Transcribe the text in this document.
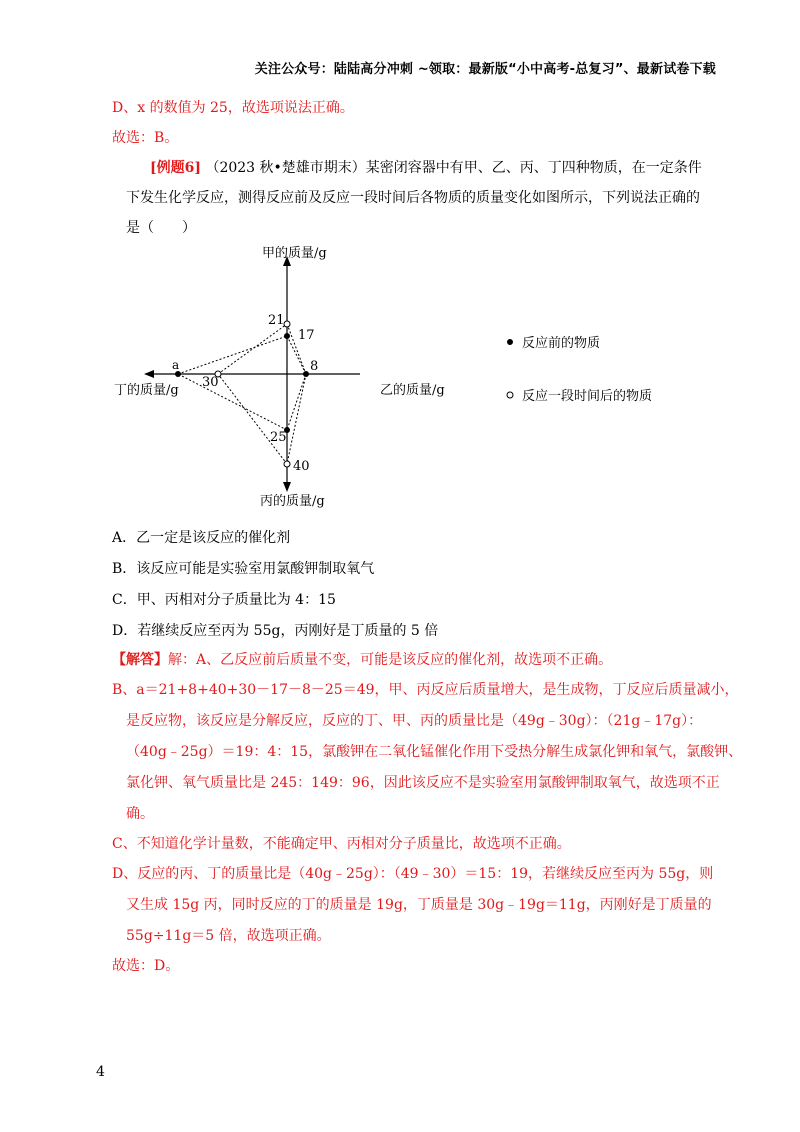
关注公众号：陆陆高分冲刺 ~领取：最新版“小中高考-总复习”、最新试卷下载
D、x 的数值为 25，故选项说法正确。
故选：B。
[例题6] （2023 秋•楚雄市期末）某密闭容器中有甲、乙、丙、丁四种物质，在一定条件
下发生化学反应，测得反应前及反应一段时间后各物质的质量变化如图所示，下列说法正确的
是（　　）
甲的质量/g
丙的质量/g
丁的质量/g	乙的质量/g
21
17
8
a
30
25
40
反应前的物质
反应一段时间后的物质
A．乙一定是该反应的催化剂
B．该反应可能是实验室用氯酸钾制取氧气
C．甲、丙相对分子质量比为 4：15
D．若继续反应至丙为 55g，丙刚好是丁质量的 5 倍
【解答】解：A、乙反应前后质量不变，可能是该反应的催化剂，故选项不正确。
B、a＝21+8+40+30－17－8－25＝49，甲、丙反应后质量增大，是生成物，丁反应后质量减小，
是反应物，该反应是分解反应，反应的丁、甲、丙的质量比是（49g﹣30g）：（21g﹣17g）：
（40g﹣25g）＝19：4：15，氯酸钾在二氧化锰催化作用下受热分解生成氯化钾和氧气，氯酸钾、
氯化钾、氧气质量比是 245：149：96，因此该反应不是实验室用氯酸钾制取氧气，故选项不正
确。
C、不知道化学计量数，不能确定甲、丙相对分子质量比，故选项不正确。
D、反应的丙、丁的质量比是（40g﹣25g）：（49﹣30）＝15：19，若继续反应至丙为 55g，则
又生成 15g 丙，同时反应的丁的质量是 19g，丁质量是 30g﹣19g＝11g，丙刚好是丁质量的
55g÷11g＝5 倍，故选项正确。
故选：D。
4
